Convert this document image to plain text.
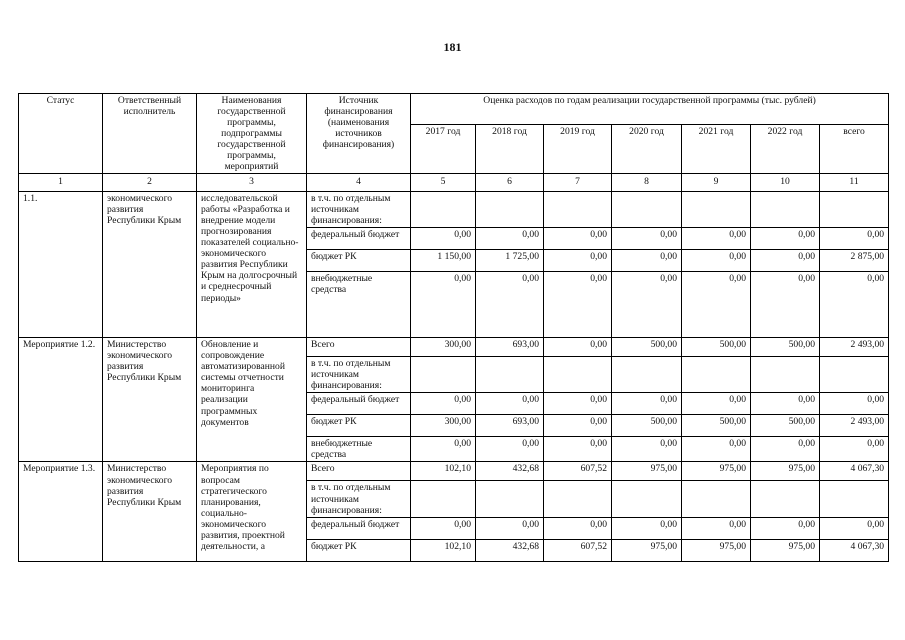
181
Статус	Ответственный исполнитель	Наименования государственной программы, подпрограммы государственной программы, мероприятий	Источник финансирования (наименования источников финансирования)	Оценка расходов по годам реализации государственной программы (тыс. рублей)						
				2017 год	2018 год	2019 год	2020 год	2021 год	2022 год	всего
1	2	3	4	5	6	7	8	9	10	11
1.1.	экономического развития Республики Крым	исследовательской работы «Разработка и внедрение модели прогнозирования показателей социально-экономического развития Республики Крым на долгосрочный и среднесрочный периоды»	в т.ч. по отдельным источникам финансирования:							
			федеральный бюджет	0,00	0,00	0,00	0,00	0,00	0,00	0,00
			бюджет РК	1 150,00	1 725,00	0,00	0,00	0,00	0,00	2 875,00
			внебюджетные средства	0,00	0,00	0,00	0,00	0,00	0,00	0,00
Мероприятие 1.2.	Министерство экономического развития Республики Крым	Обновление и сопровождение автоматизированной системы отчетности мониторинга реализации программных документов	Всего	300,00	693,00	0,00	500,00	500,00	500,00	2 493,00
			в т.ч. по отдельным источникам финансирования:							
			федеральный бюджет	0,00	0,00	0,00	0,00	0,00	0,00	0,00
			бюджет РК	300,00	693,00	0,00	500,00	500,00	500,00	2 493,00
			внебюджетные средства	0,00	0,00	0,00	0,00	0,00	0,00	0,00
Мероприятие 1.3.	Министерство экономического развития Республики Крым	Мероприятия по вопросам стратегического планирования, социально-экономического развития, проектной деятельности, а	Всего	102,10	432,68	607,52	975,00	975,00	975,00	4 067,30
			в т.ч. по отдельным источникам финансирования:							
			федеральный бюджет	0,00	0,00	0,00	0,00	0,00	0,00	0,00
			бюджет РК	102,10	432,68	607,52	975,00	975,00	975,00	4 067,30
